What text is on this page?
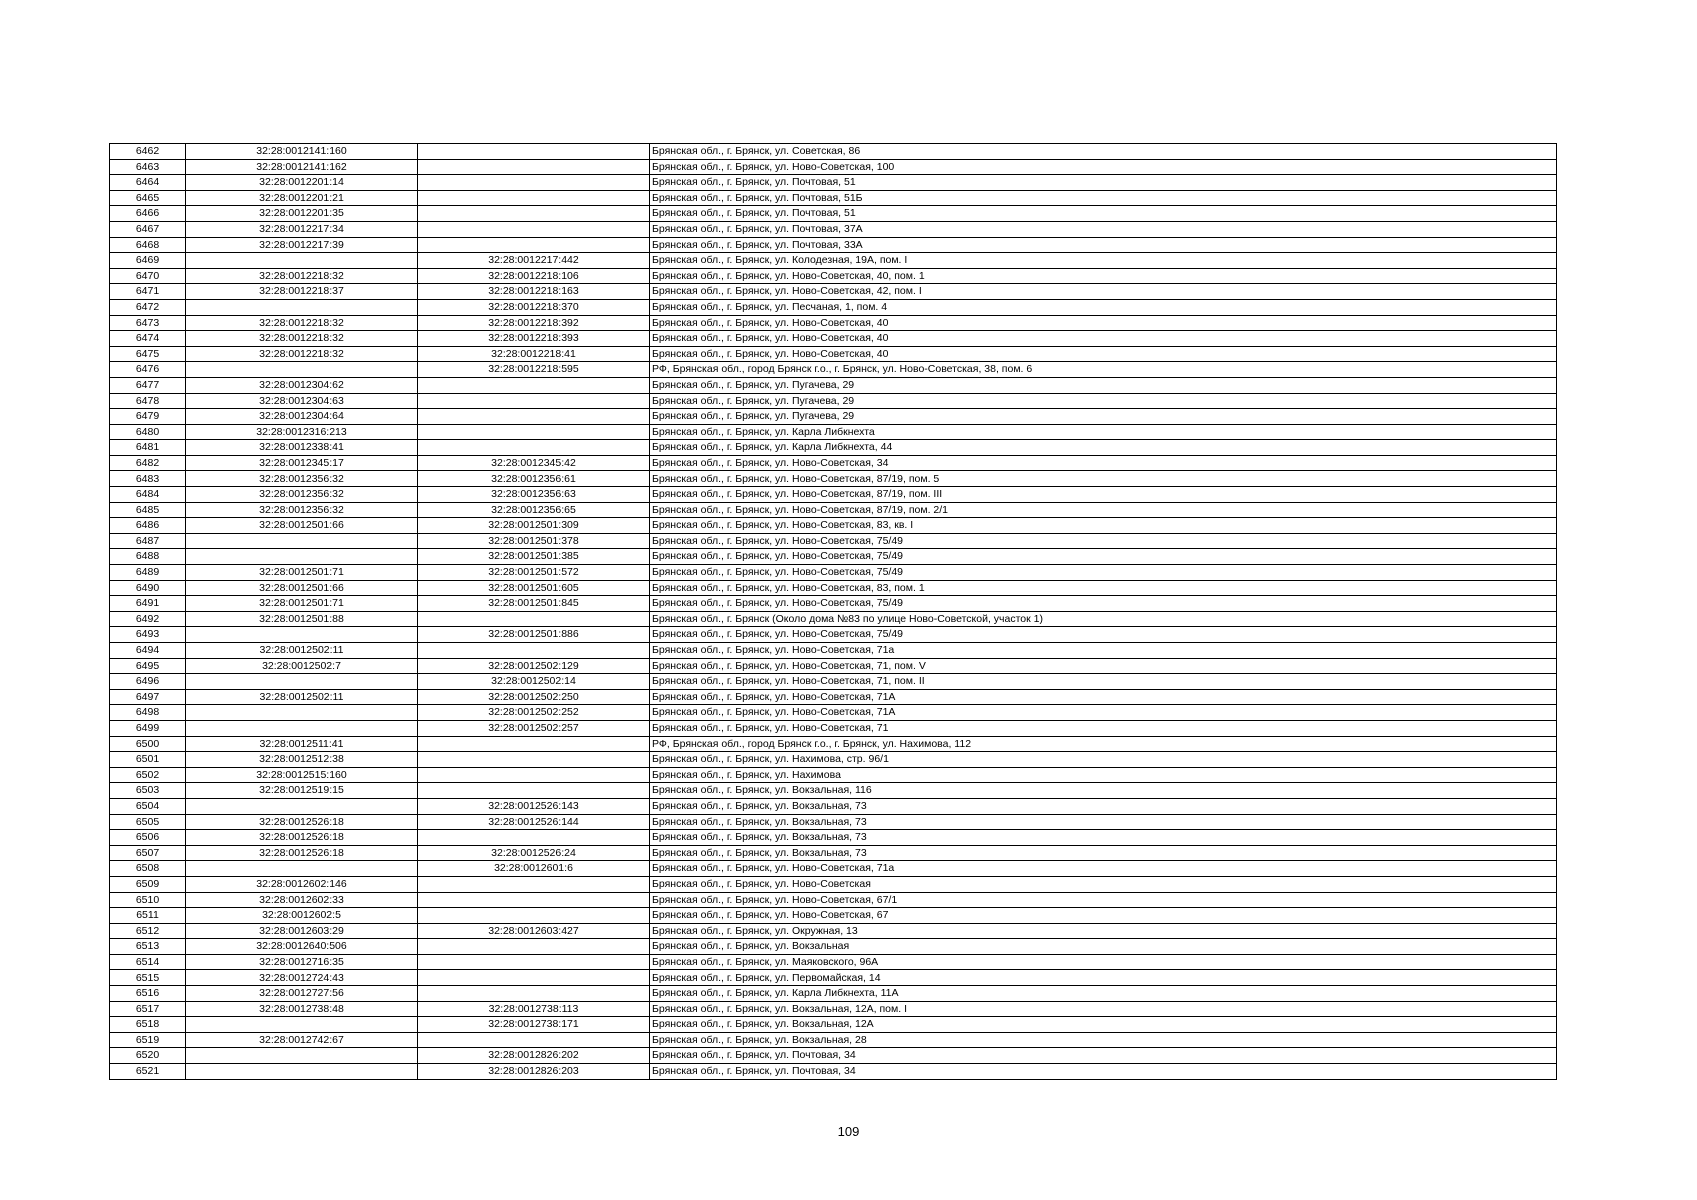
6462	32:28:0012141:160		Брянская обл., г. Брянск, ул. Советская, 86
6463	32:28:0012141:162		Брянская обл., г. Брянск, ул. Ново-Советская, 100
6464	32:28:0012201:14		Брянская обл., г. Брянск, ул. Почтовая, 51
6465	32:28:0012201:21		Брянская обл., г. Брянск, ул. Почтовая, 51Б
6466	32:28:0012201:35		Брянская обл., г. Брянск, ул. Почтовая, 51
6467	32:28:0012217:34		Брянская обл., г. Брянск, ул. Почтовая, 37А
6468	32:28:0012217:39		Брянская обл., г. Брянск, ул. Почтовая, 33А
6469		32:28:0012217:442	Брянская обл., г. Брянск, ул. Колодезная, 19А, пом. I
6470	32:28:0012218:32	32:28:0012218:106	Брянская обл., г. Брянск, ул. Ново-Советская, 40, пом. 1
6471	32:28:0012218:37	32:28:0012218:163	Брянская обл., г. Брянск, ул. Ново-Советская, 42, пом. I
6472		32:28:0012218:370	Брянская обл., г. Брянск, ул. Песчаная, 1, пом. 4
6473	32:28:0012218:32	32:28:0012218:392	Брянская обл., г. Брянск, ул. Ново-Советская, 40
6474	32:28:0012218:32	32:28:0012218:393	Брянская обл., г. Брянск, ул. Ново-Советская, 40
6475	32:28:0012218:32	32:28:0012218:41	Брянская обл., г. Брянск, ул. Ново-Советская, 40
6476		32:28:0012218:595	РФ, Брянская обл., город Брянск г.о., г. Брянск, ул. Ново-Советская, 38, пом. 6
6477	32:28:0012304:62		Брянская обл., г. Брянск, ул. Пугачева, 29
6478	32:28:0012304:63		Брянская обл., г. Брянск, ул. Пугачева, 29
6479	32:28:0012304:64		Брянская обл., г. Брянск, ул. Пугачева, 29
6480	32:28:0012316:213		Брянская обл., г. Брянск, ул. Карла Либкнехта
6481	32:28:0012338:41		Брянская обл., г. Брянск, ул. Карла Либкнехта, 44
6482	32:28:0012345:17	32:28:0012345:42	Брянская обл., г. Брянск, ул. Ново-Советская, 34
6483	32:28:0012356:32	32:28:0012356:61	Брянская обл., г. Брянск, ул. Ново-Советская, 87/19, пом. 5
6484	32:28:0012356:32	32:28:0012356:63	Брянская обл., г. Брянск, ул. Ново-Советская, 87/19, пом. III
6485	32:28:0012356:32	32:28:0012356:65	Брянская обл., г. Брянск, ул. Ново-Советская, 87/19, пом. 2/1
6486	32:28:0012501:66	32:28:0012501:309	Брянская обл., г. Брянск, ул. Ново-Советская, 83, кв. I
6487		32:28:0012501:378	Брянская обл., г. Брянск, ул. Ново-Советская, 75/49
6488		32:28:0012501:385	Брянская обл., г. Брянск, ул. Ново-Советская, 75/49
6489	32:28:0012501:71	32:28:0012501:572	Брянская обл., г. Брянск, ул. Ново-Советская, 75/49
6490	32:28:0012501:66	32:28:0012501:605	Брянская обл., г. Брянск, ул. Ново-Советская, 83, пом. 1
6491	32:28:0012501:71	32:28:0012501:845	Брянская обл., г. Брянск, ул. Ново-Советская, 75/49
6492	32:28:0012501:88		Брянская обл., г. Брянск (Около дома №83 по улице Ново-Советской, участок 1)
6493		32:28:0012501:886	Брянская обл., г. Брянск, ул. Ново-Советская, 75/49
6494	32:28:0012502:11		Брянская обл., г. Брянск, ул. Ново-Советская, 71а
6495	32:28:0012502:7	32:28:0012502:129	Брянская обл., г. Брянск, ул. Ново-Советская, 71, пом. V
6496		32:28:0012502:14	Брянская обл., г. Брянск, ул. Ново-Советская, 71, пом. II
6497	32:28:0012502:11	32:28:0012502:250	Брянская обл., г. Брянск, ул. Ново-Советская, 71А
6498		32:28:0012502:252	Брянская обл., г. Брянск, ул. Ново-Советская, 71А
6499		32:28:0012502:257	Брянская обл., г. Брянск, ул. Ново-Советская, 71
6500	32:28:0012511:41		РФ, Брянская обл., город Брянск г.о., г. Брянск, ул. Нахимова, 112
6501	32:28:0012512:38		Брянская обл., г. Брянск, ул. Нахимова, стр. 96/1
6502	32:28:0012515:160		Брянская обл., г. Брянск, ул. Нахимова
6503	32:28:0012519:15		Брянская обл., г. Брянск, ул. Вокзальная, 116
6504		32:28:0012526:143	Брянская обл., г. Брянск, ул. Вокзальная, 73
6505	32:28:0012526:18	32:28:0012526:144	Брянская обл., г. Брянск, ул. Вокзальная, 73
6506	32:28:0012526:18		Брянская обл., г. Брянск, ул. Вокзальная, 73
6507	32:28:0012526:18	32:28:0012526:24	Брянская обл., г. Брянск, ул. Вокзальная, 73
6508		32:28:0012601:6	Брянская обл., г. Брянск, ул. Ново-Советская, 71а
6509	32:28:0012602:146		Брянская обл., г. Брянск, ул. Ново-Советская
6510	32:28:0012602:33		Брянская обл., г. Брянск, ул. Ново-Советская, 67/1
6511	32:28:0012602:5		Брянская обл., г. Брянск, ул. Ново-Советская, 67
6512	32:28:0012603:29	32:28:0012603:427	Брянская обл., г. Брянск, ул. Окружная, 13
6513	32:28:0012640:506		Брянская обл., г. Брянск, ул. Вокзальная
6514	32:28:0012716:35		Брянская обл., г. Брянск, ул. Маяковского, 96А
6515	32:28:0012724:43		Брянская обл., г. Брянск, ул. Первомайская, 14
6516	32:28:0012727:56		Брянская обл., г. Брянск, ул. Карла Либкнехта, 11А
6517	32:28:0012738:48	32:28:0012738:113	Брянская обл., г. Брянск, ул. Вокзальная, 12А, пом. I
6518		32:28:0012738:171	Брянская обл., г. Брянск, ул. Вокзальная, 12А
6519	32:28:0012742:67		Брянская обл., г. Брянск, ул. Вокзальная, 28
6520		32:28:0012826:202	Брянская обл., г. Брянск, ул. Почтовая, 34
6521		32:28:0012826:203	Брянская обл., г. Брянск, ул. Почтовая, 34
109
